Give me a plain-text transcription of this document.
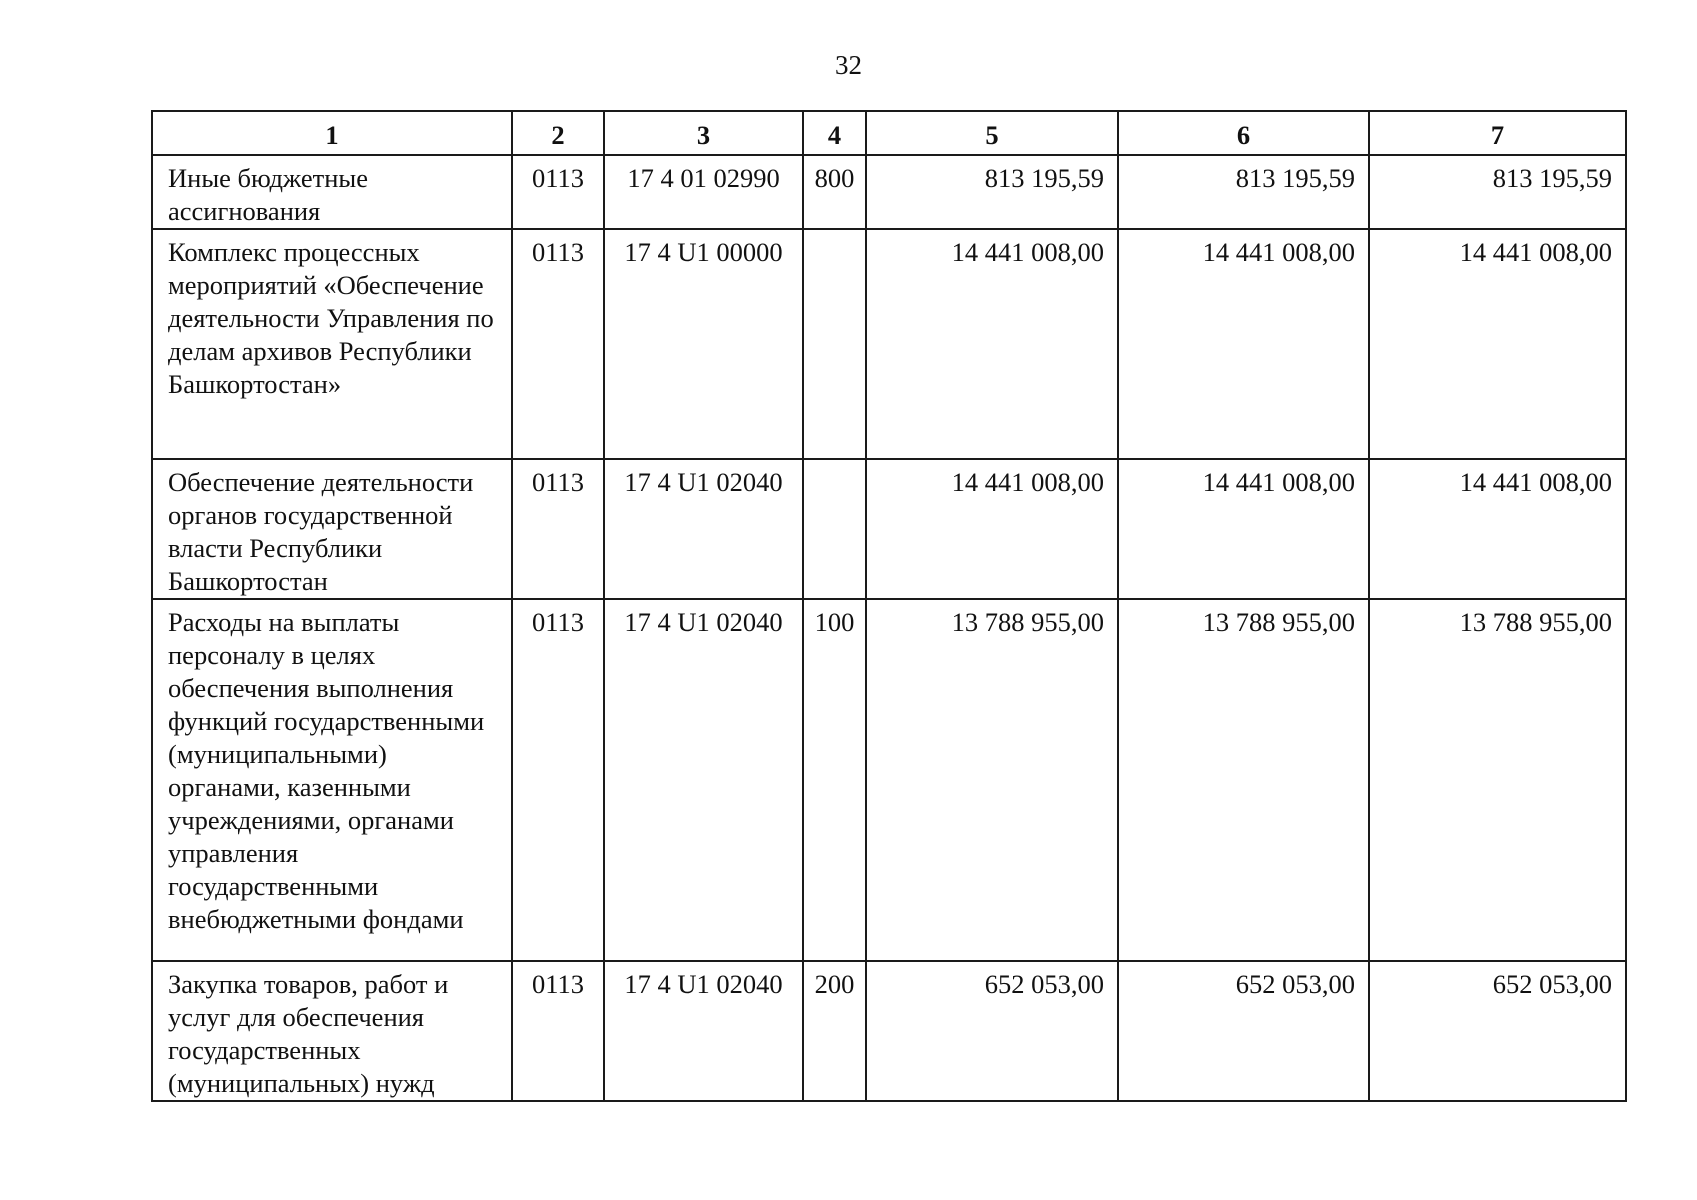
32
1	2	3	4	5	6	7
Иные бюджетные ассигнования	0113	17 4 01 02990	800	813 195,59	813 195,59	813 195,59
Комплекс процессных мероприятий «Обеспечение деятельности Управления по делам архивов Республики Башкортостан»	0113	17 4 U1 00000		14 441 008,00	14 441 008,00	14 441 008,00
Обеспечение деятельности органов государственной власти Республики Башкортостан	0113	17 4 U1 02040		14 441 008,00	14 441 008,00	14 441 008,00
Расходы на выплаты персоналу в целях обеспечения выполнения функций государственными (муниципальными) органами, казенными учреждениями, органами управления государственными внебюджетными фондами	0113	17 4 U1 02040	100	13 788 955,00	13 788 955,00	13 788 955,00
Закупка товаров, работ и услуг для обеспечения государственных (муниципальных) нужд	0113	17 4 U1 02040	200	652 053,00	652 053,00	652 053,00
